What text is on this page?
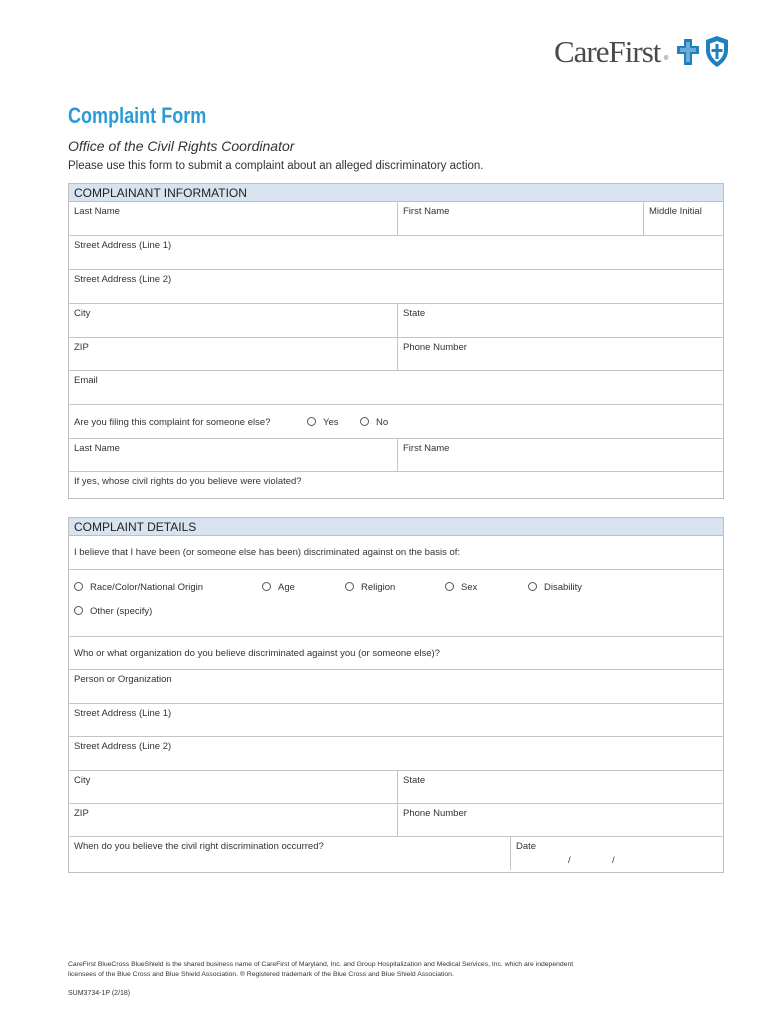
CareFirst ®
Complaint Form
Office of the Civil Rights Coordinator
Please use this form to submit a complaint about an alleged discriminatory action.
COMPLAINANT INFORMATION
Last Name	First Name	Middle Initial
Street Address (Line 1)
Street Address (Line 2)
City	State
ZIP	Phone Number
Email
Are you filing this complaint for someone else?	Yes	No
Last Name	First Name
If yes, whose civil rights do you believe were violated?
COMPLAINT DETAILS
I believe that I have been (or someone else has been) discriminated against on the basis of:
Race/Color/National Origin	Age	Religion	Sex	Disability
Other (specify)
Who or what organization do you believe discriminated against you (or someone else)?
Person or Organization
Street Address (Line 1)
Street Address (Line 2)
City	State
ZIP	Phone Number
When do you believe the civil right discrimination occurred?	Date
/	/
CareFirst BlueCross BlueShield is the shared business name of CareFirst of Maryland, Inc. and Group Hospitalization and Medical Services, Inc. which are independent
licensees of the Blue Cross and Blue Shield Association. ® Registered trademark of the Blue Cross and Blue Shield Association.
SUM3734-1P (2/18)
